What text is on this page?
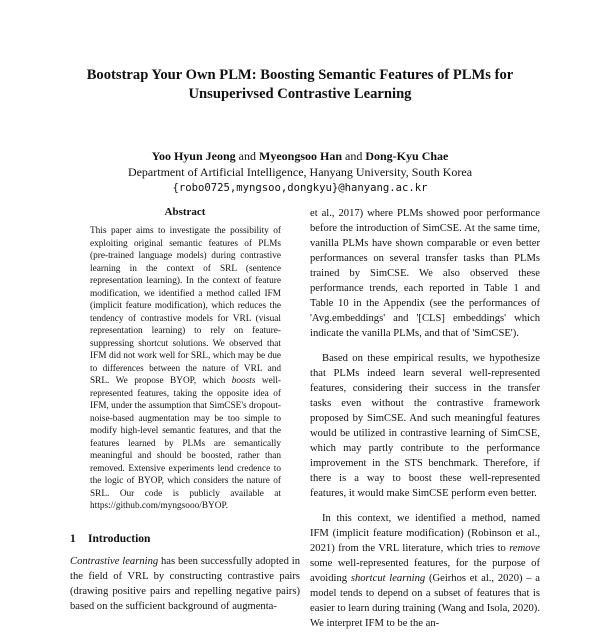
Bootstrap Your Own PLM: Boosting Semantic Features of PLMs for
Unsuperivsed Contrastive Learning
Yoo Hyun Jeong and Myeongsoo Han and Dong-Kyu Chae
Department of Artificial Intelligence, Hanyang University, South Korea
{robo0725,myngsoo,dongkyu}@hanyang.ac.kr
Abstract

This paper aims to investigate the possibility of exploiting original semantic features of PLMs (pre-trained language models) during contrastive learning in the context of SRL (sentence representation learning). In the context of feature modification, we identified a method called IFM (implicit feature modification), which reduces the tendency of contrastive models for VRL (visual representation learning) to rely on feature-suppressing shortcut solutions. We observed that IFM did not work well for SRL, which may be due to differences between the nature of VRL and SRL. We propose BYOP, which boosts well-represented features, taking the opposite idea of IFM, under the assumption that SimCSE's dropout-noise-based augmentation may be too simple to modify high-level semantic features, and that the features learned by PLMs are semantically meaningful and should be boosted, rather than removed. Extensive experiments lend credence to the logic of BYOP, which considers the nature of SRL. Our code is publicly available at https://github.com/myngsooo/BYOP.

1 Introduction

Contrastive learning has been successfully adopted in the field of VRL by constructing contrastive pairs (drawing positive pairs and repelling negative pairs) based on the sufficient background of augmenta-

et al., 2017) where PLMs showed poor performance before the introduction of SimCSE. At the same time, vanilla PLMs have shown comparable or even better performances on several transfer tasks than PLMs trained by SimCSE. We also observed these performance trends, each reported in Table 1 and Table 10 in the Appendix (see the performances of 'Avg.embeddings' and '[CLS] embeddings' which indicate the vanilla PLMs, and that of 'SimCSE').

Based on these empirical results, we hypothesize that PLMs indeed learn several well-represented features, considering their success in the transfer tasks even without the contrastive framework proposed by SimCSE. And such meaningful features would be utilized in contrastive learning of SimCSE, which may partly contribute to the performance improvement in the STS benchmark. Therefore, if there is a way to boost these well-represented features, it would make SimCSE perform even better.

In this context, we identified a method, named IFM (implicit feature modification) (Robinson et al., 2021) from the VRL literature, which tries to remove some well-represented features, for the purpose of avoiding shortcut learning (Geirhos et al., 2020) – a model tends to depend on a subset of features that is easier to learn during training (Wang and Isola, 2020). We interpret IFM to be the an-
